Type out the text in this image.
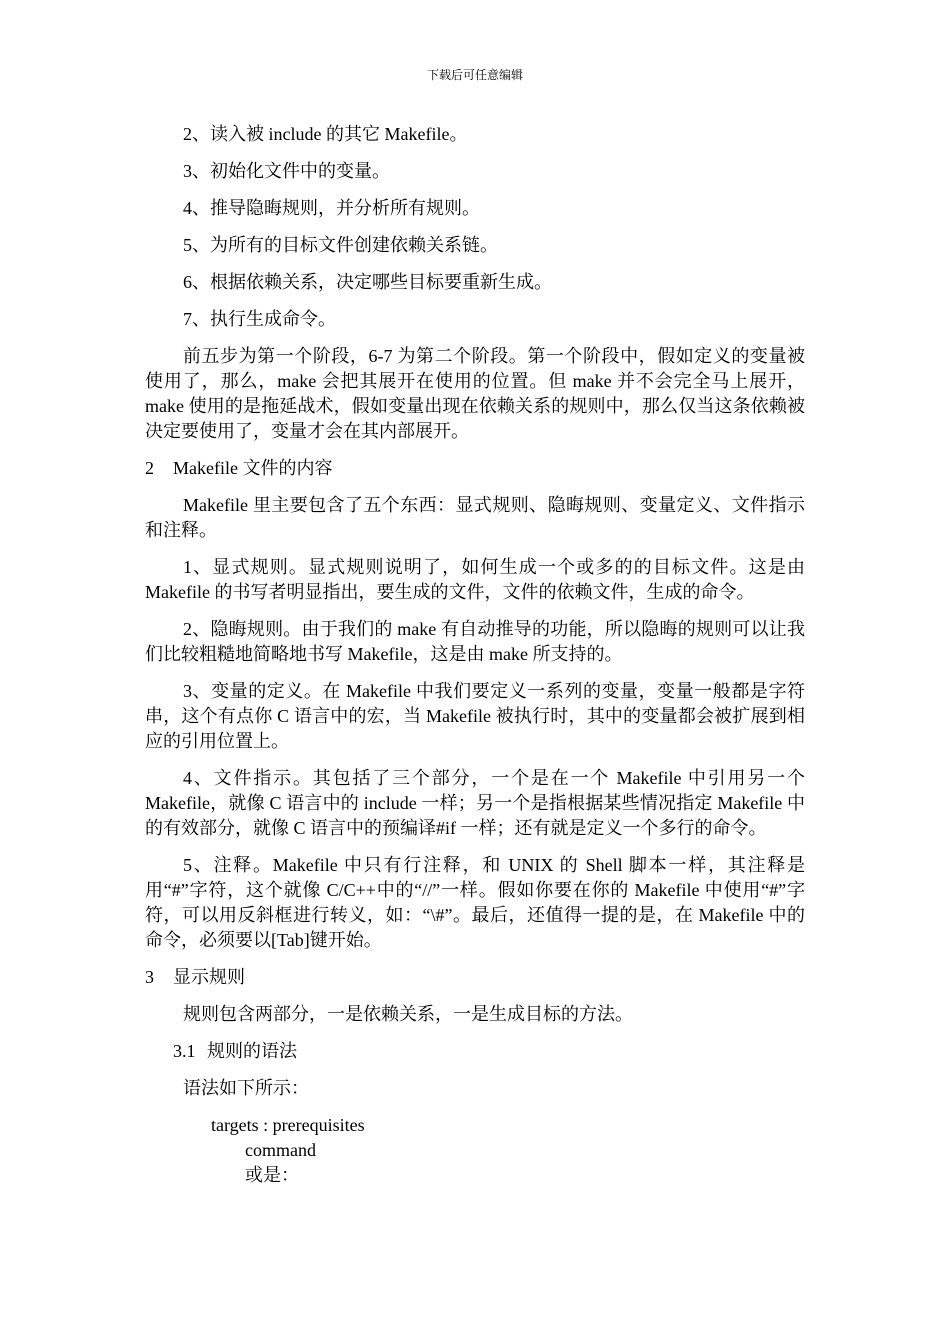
下载后可任意编辑

2、读入被 include 的其它 Makefile。

3、初始化文件中的变量。

4、推导隐晦规则，并分析所有规则。

5、为所有的目标文件创建依赖关系链。

6、根据依赖关系，决定哪些目标要重新生成。

7、执行生成命令。

前五步为第一个阶段，6-7 为第二个阶段。第一个阶段中，假如定义的变量被使用了，那么，make 会把其展开在使用的位置。但 make 并不会完全马上展开，make 使用的是拖延战术，假如变量出现在依赖关系的规则中，那么仅当这条依赖被决定要使用了，变量才会在其内部展开。

2 Makefile 文件的内容

Makefile 里主要包含了五个东西：显式规则、隐晦规则、变量定义、文件指示和注释。

1、显式规则。显式规则说明了，如何生成一个或多的的目标文件。这是由 Makefile 的书写者明显指出，要生成的文件，文件的依赖文件，生成的命令。

2、隐晦规则。由于我们的 make 有自动推导的功能，所以隐晦的规则可以让我们比较粗糙地简略地书写 Makefile，这是由 make 所支持的。

3、变量的定义。在 Makefile 中我们要定义一系列的变量，变量一般都是字符串，这个有点你 C 语言中的宏，当 Makefile 被执行时，其中的变量都会被扩展到相应的引用位置上。

4、文件指示。其包括了三个部分，一个是在一个 Makefile 中引用另一个 Makefile，就像 C 语言中的 include 一样；另一个是指根据某些情况指定 Makefile 中的有效部分，就像 C 语言中的预编译#if 一样；还有就是定义一个多行的命令。

5、注释。Makefile 中只有行注释，和 UNIX 的 Shell 脚本一样，其注释是用“#”字符，这个就像 C/C++中的“//”一样。假如你要在你的 Makefile 中使用“#”字符，可以用反斜框进行转义，如：“\#”。最后，还值得一提的是，在 Makefile 中的命令，必须要以[Tab]键开始。

3 显示规则

规则包含两部分，一是依赖关系，一是生成目标的方法。

3.1 规则的语法

语法如下所示：

targets : prerequisites

command

或是：
